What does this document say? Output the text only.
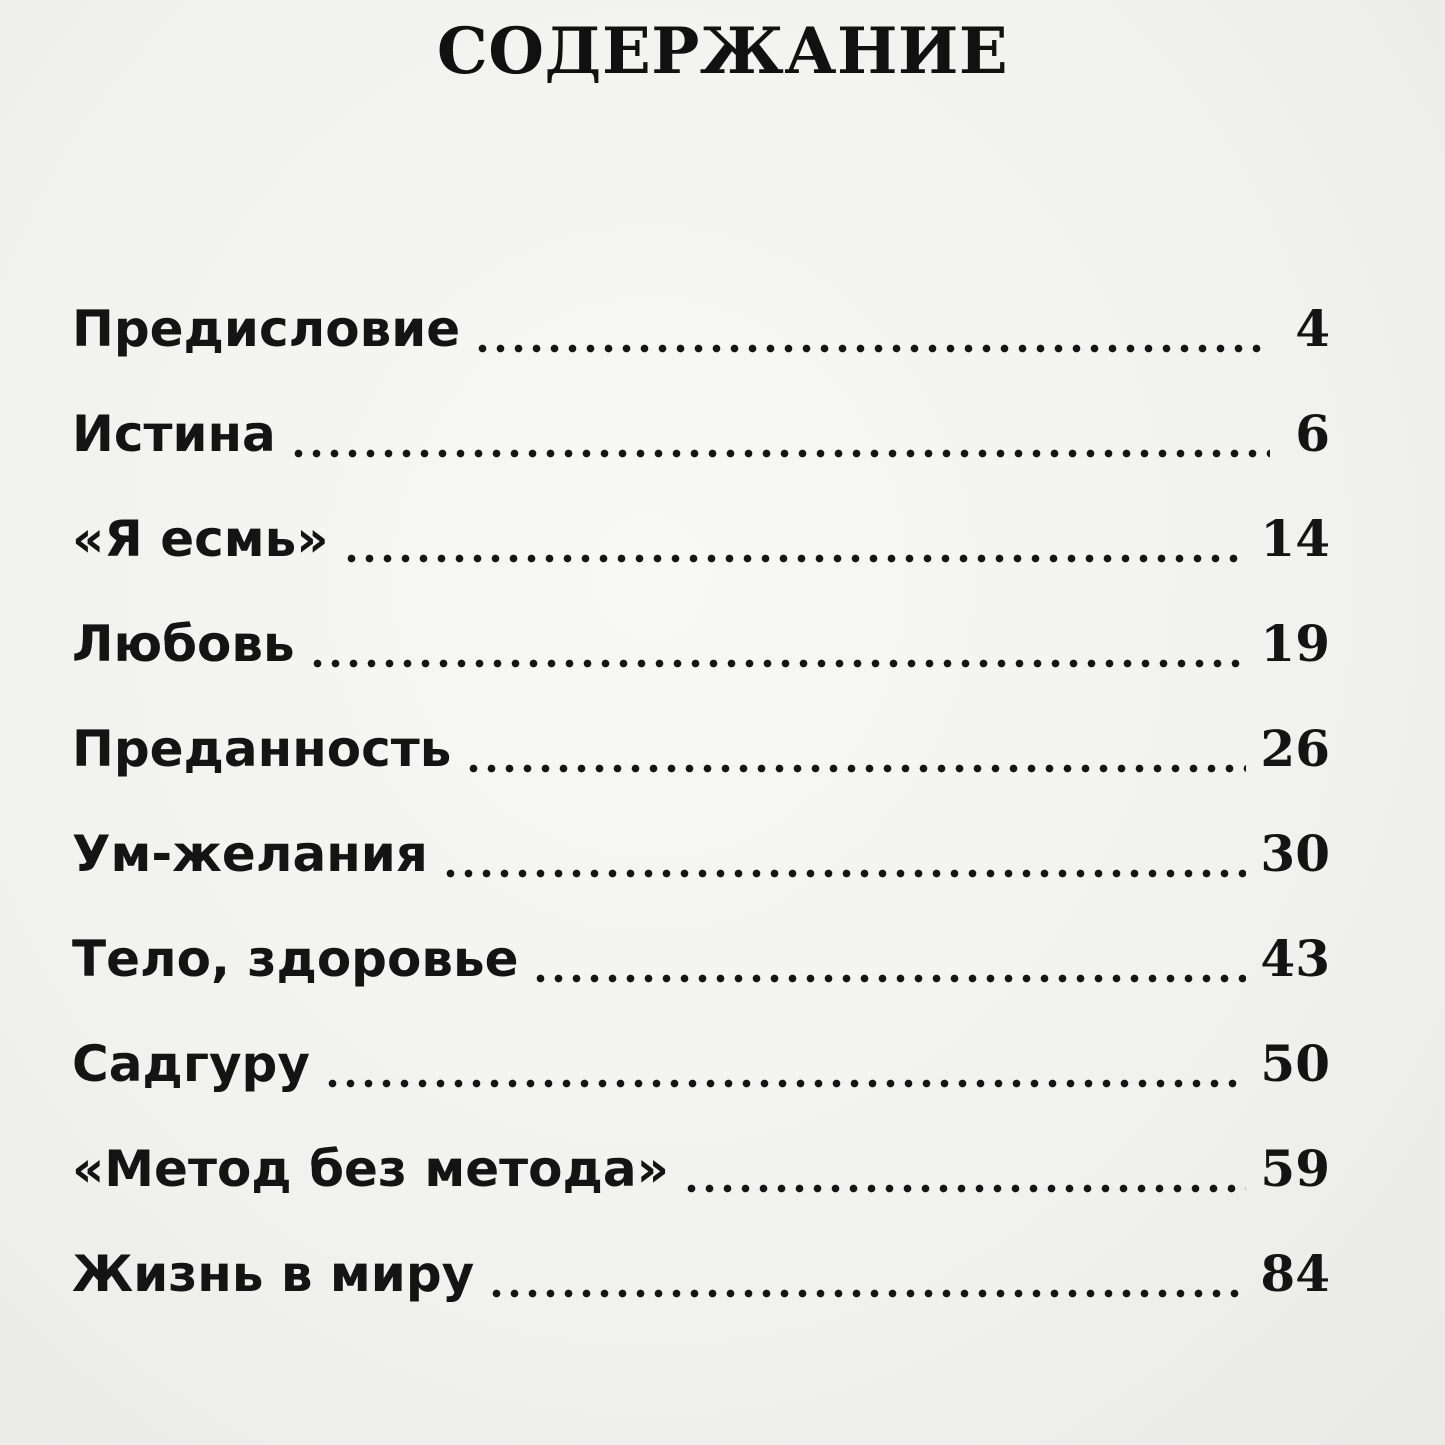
СОДЕРЖАНИЕ
Предисловие	4
Истина	6
«Я есмь»	14
Любовь	19
Преданность	26
Ум-желания	30
Тело, здоровье	43
Садгуру	50
«Метод без метода»	59
Жизнь в миру	84
